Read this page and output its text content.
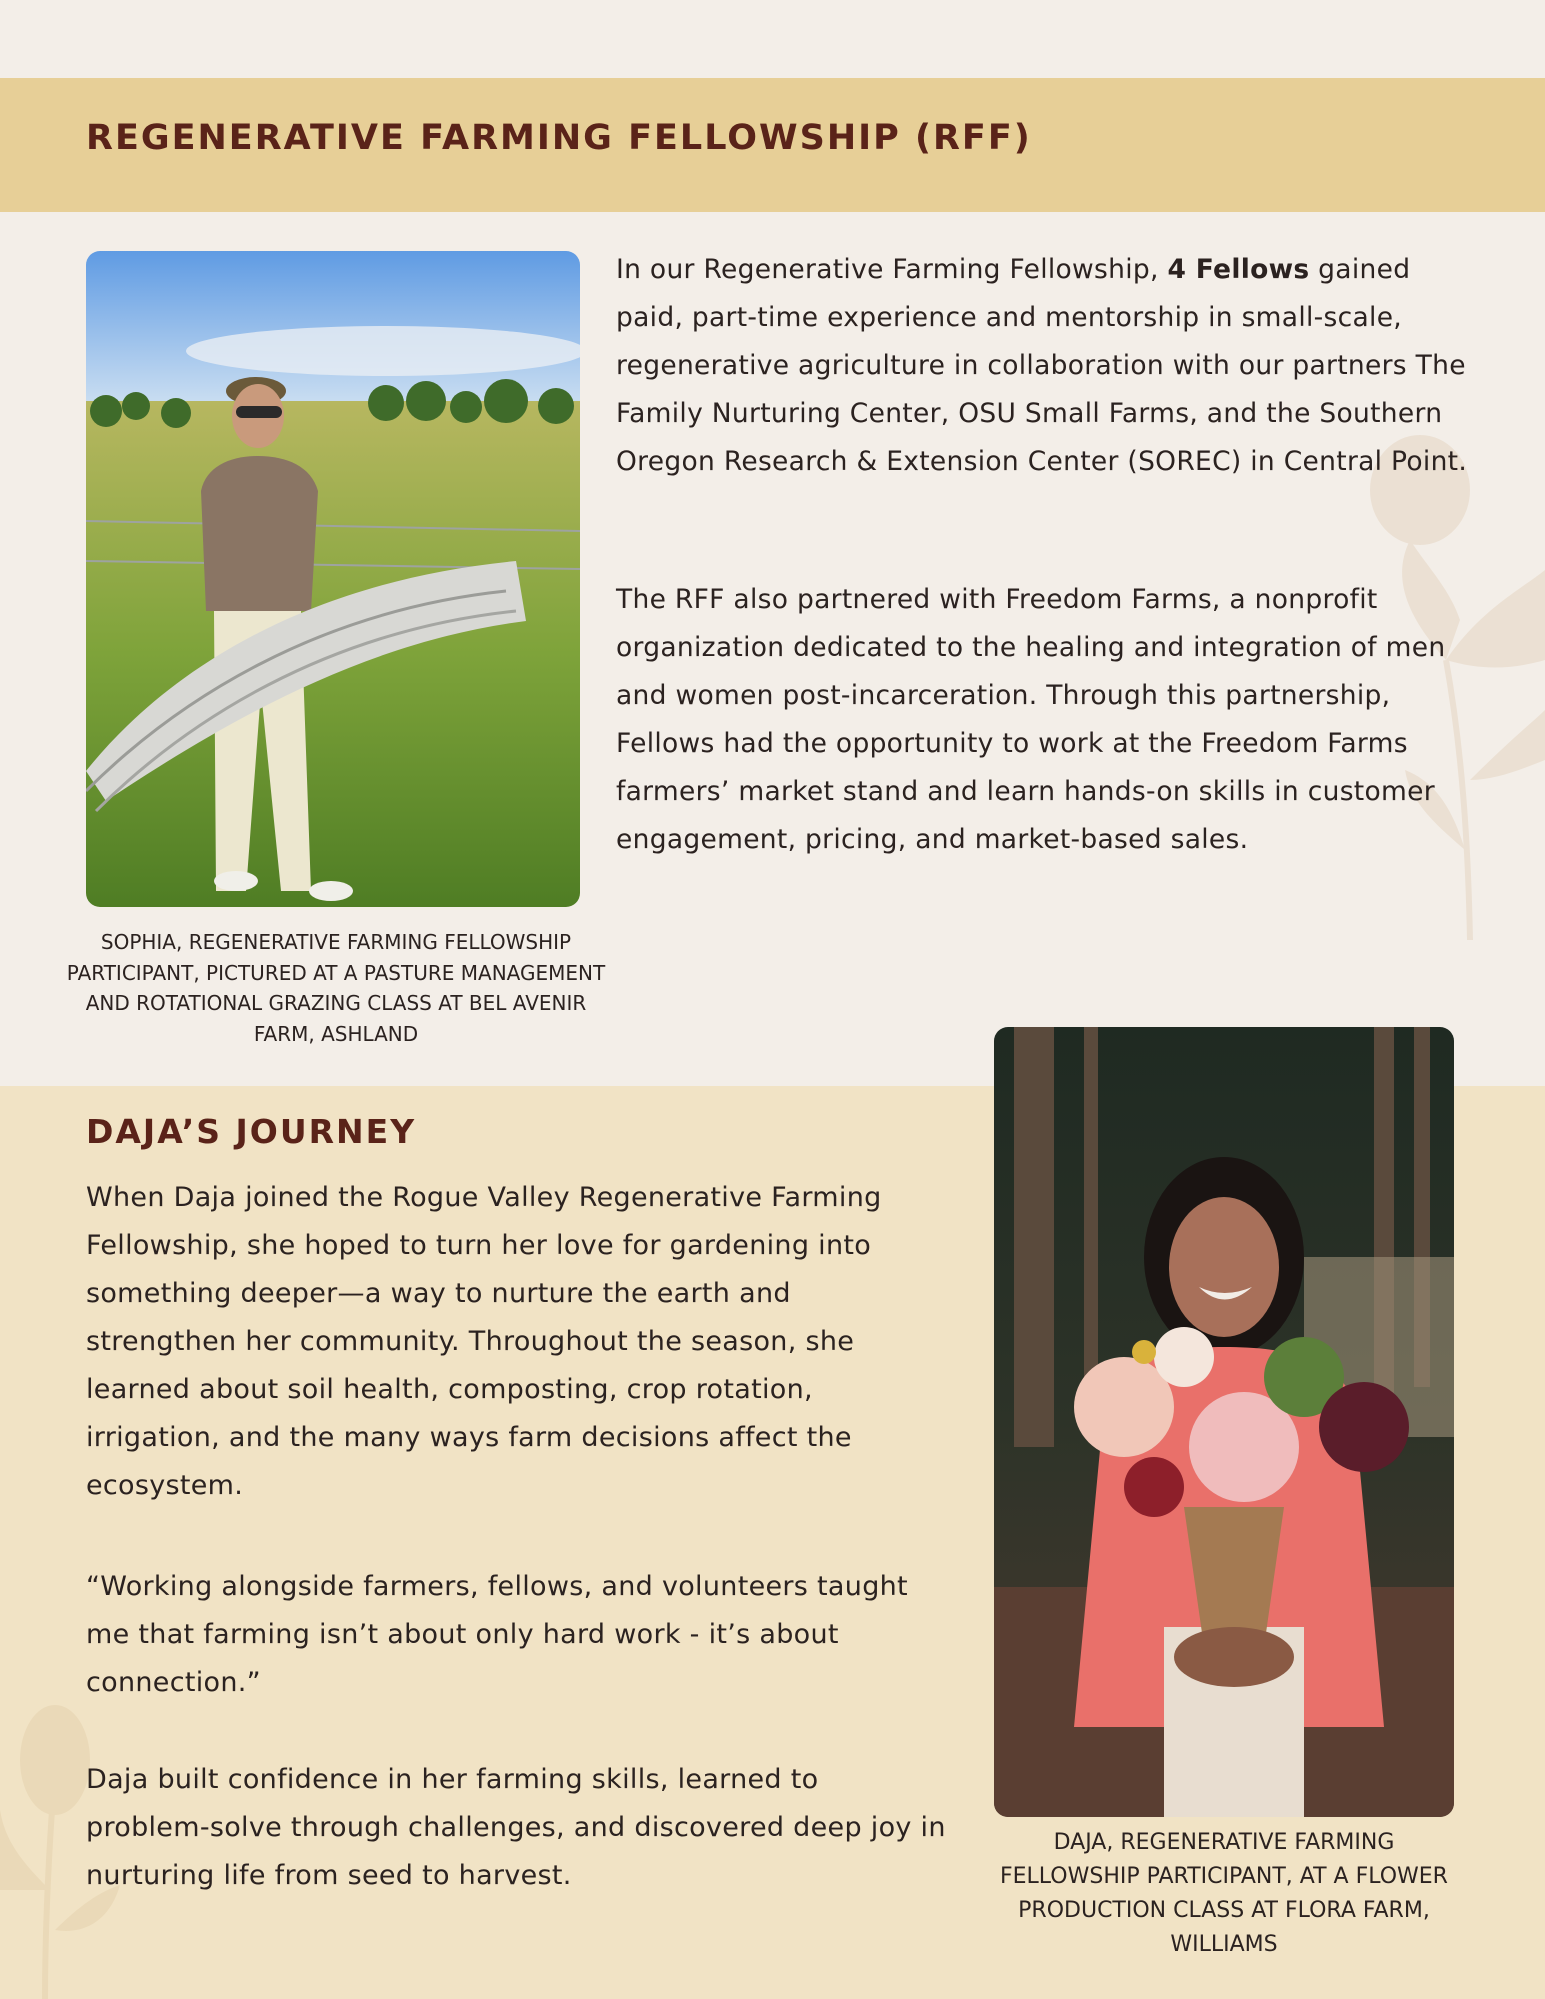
REGENERATIVE FARMING FELLOWSHIP (RFF)

SOPHIA, REGENERATIVE FARMING FELLOWSHIP PARTICIPANT, PICTURED AT A PASTURE MANAGEMENT AND ROTATIONAL GRAZING CLASS AT BEL AVENIR FARM, ASHLAND

In our Regenerative Farming Fellowship, 4 Fellows gained paid, part-time experience and mentorship in small-scale, regenerative agriculture in collaboration with our partners The Family Nurturing Center, OSU Small Farms, and the Southern Oregon Research & Extension Center (SOREC) in Central Point.

The RFF also partnered with Freedom Farms, a nonprofit organization dedicated to the healing and integration of men and women post-incarceration. Through this partnership, Fellows had the opportunity to work at the Freedom Farms farmers’ market stand and learn hands-on skills in customer engagement, pricing, and market-based sales.

DAJA’S JOURNEY

When Daja joined the Rogue Valley Regenerative Farming Fellowship, she hoped to turn her love for gardening into something deeper—a way to nurture the earth and strengthen her community. Throughout the season, she learned about soil health, composting, crop rotation, irrigation, and the many ways farm decisions affect the ecosystem.

“Working alongside farmers, fellows, and volunteers taught me that farming isn’t about only hard work - it’s about connection.”

Daja built confidence in her farming skills, learned to problem-solve through challenges, and discovered deep joy in nurturing life from seed to harvest.

DAJA, REGENERATIVE FARMING FELLOWSHIP PARTICIPANT, AT A FLOWER PRODUCTION CLASS AT FLORA FARM, WILLIAMS
